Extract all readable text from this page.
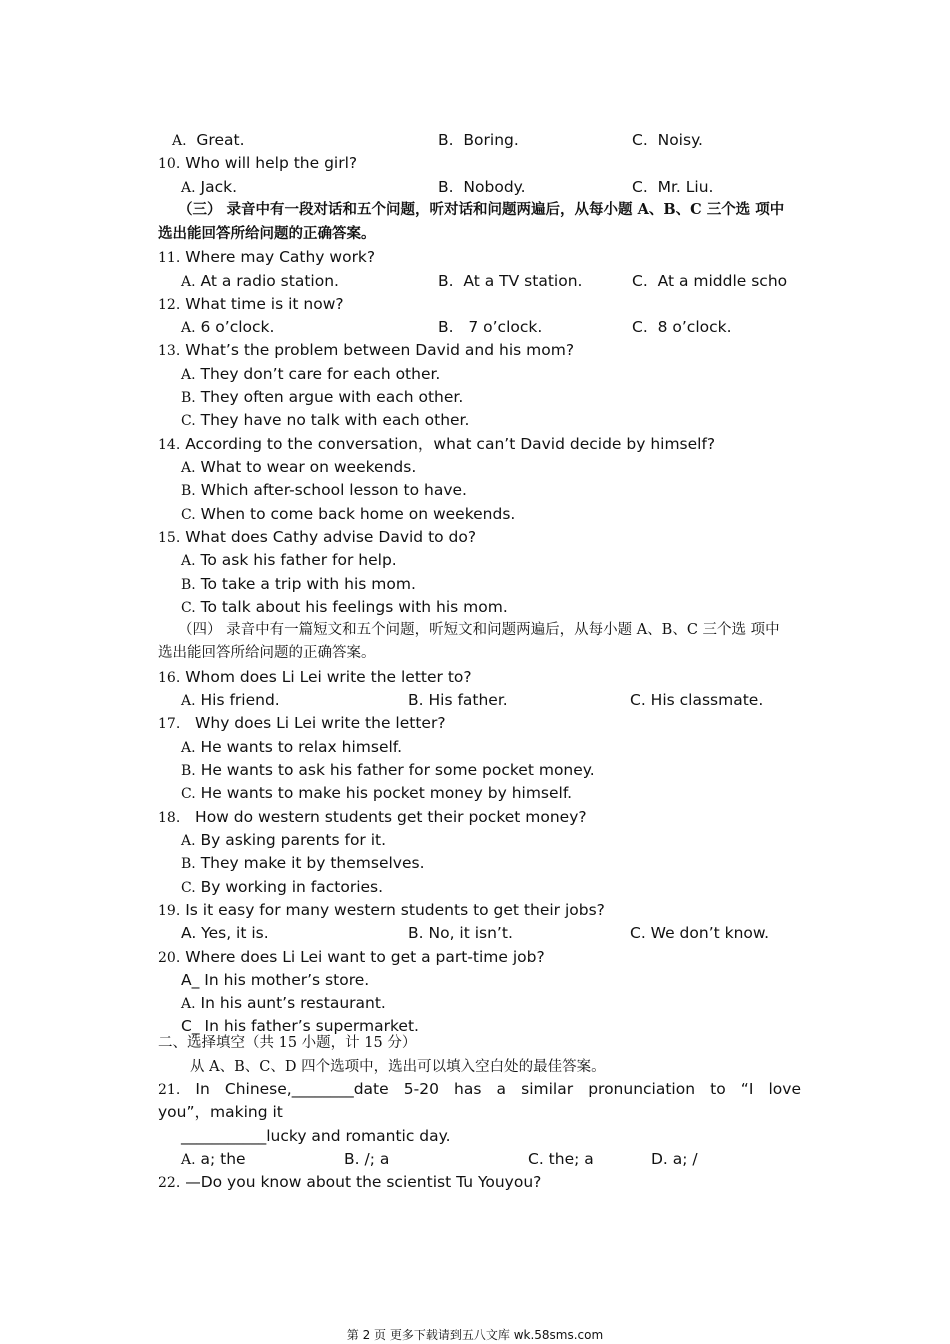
A. Great.	B. Boring.	C. Noisy.
10. Who will help the girl?
A. Jack.	B. Nobody.	C. Mr. Liu.
（三） 录音中有一段对话和五个问题，听对话和问题两遍后，从每小题 A、B、C 三个选 项中
选出能回答所给问题的正确答案。
11. Where may Cathy work?
A. At a radio station.	B. At a TV station.	C. At a middle scho
12. What time is it now?
A. 6 o’clock.	B. 7 o’clock.	C. 8 o’clock.
13. What’s the problem between David and his mom?
A. They don’t care for each other.
B. They often argue with each other.
C. They have no talk with each other.
14. According to the conversation，what can’t David decide by himself?
A. What to wear on weekends.
B. Which after-school lesson to have.
C. When to come back home on weekends.
15. What does Cathy advise David to do?
A. To ask his father for help.
B. To take a trip with his mom.
C. To talk about his feelings with his mom.
（四） 录音中有一篇短文和五个问题，听短文和问题两遍后，从每小题 A、B、C 三个选 项中
选出能回答所给问题的正确答案。
16. Whom does Li Lei write the letter to?
A. His friend.	B. His father.	C. His classmate.
17. Why does Li Lei write the letter?
A. He wants to relax himself.
B. He wants to ask his father for some pocket money.
C. He wants to make his pocket money by himself.
18. How do western students get their pocket money?
A. By asking parents for it.
B. They make it by themselves.
C. By working in factories.
19. Is it easy for many western students to get their jobs?
A. Yes, it is.	B. No, it isn’t.	C. We don’t know.
20. Where does Li Lei want to get a part-time job?
A_ In his mother’s store.
A. In his aunt’s restaurant.
C_ In his father’s supermarket.
二、选择填空（共 15 小题，计 15 分）
从 A、B、C、D 四个选项中，选出可以填入空白处的最佳答案。
21. In Chinese,________date 5-20 has a similar pronunciation to “I love
you”，making it
___________lucky and romantic day.
A. a; the	B. /; a	C. the; a	D. a; /
22. —Do you know about the scientist Tu Youyou?
第 2 页 更多下载请到五八文库 wk.58sms.com
